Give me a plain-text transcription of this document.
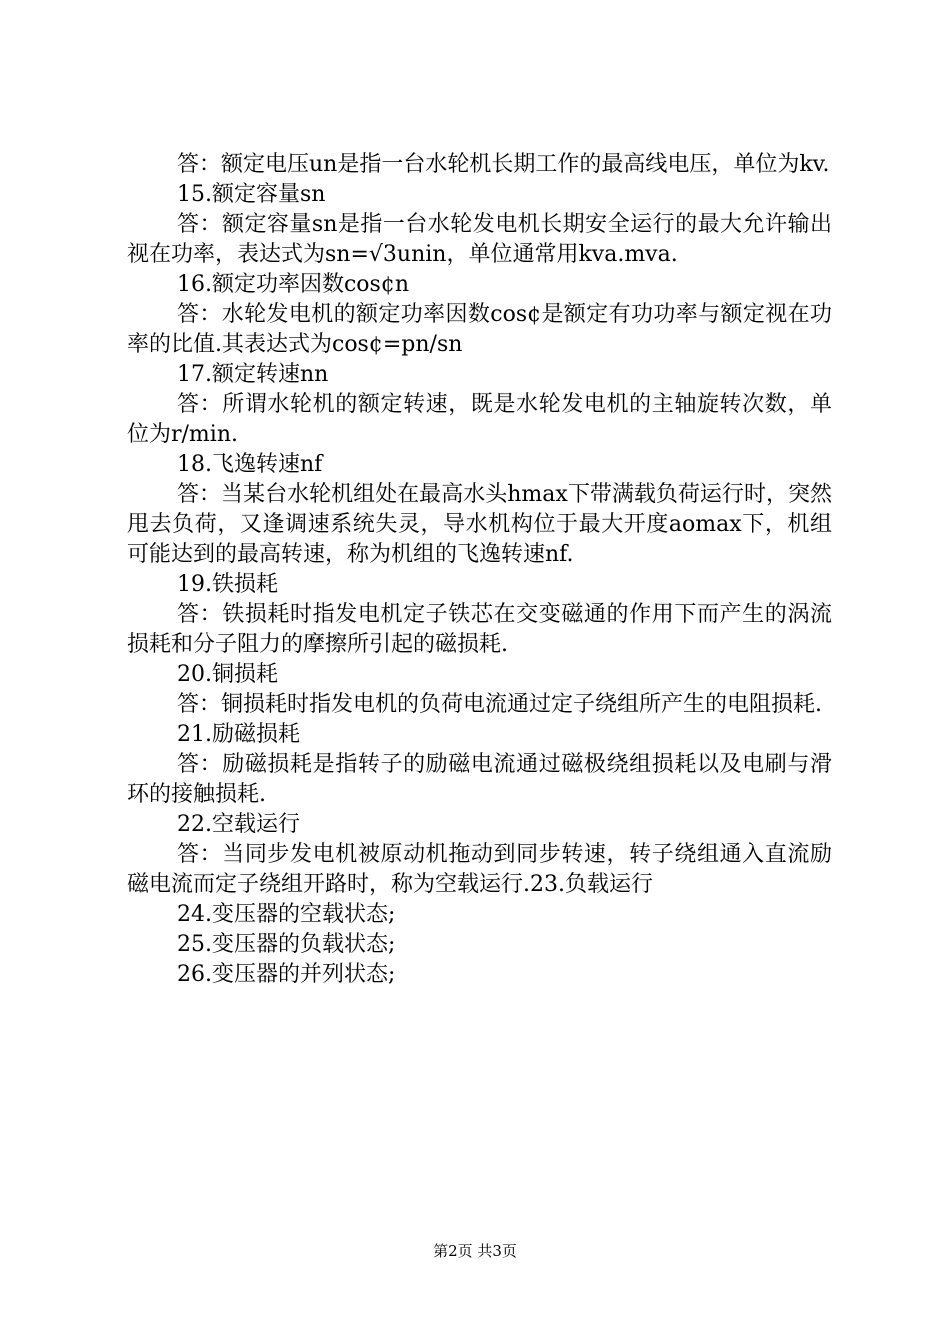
答：额定电压un是指一台水轮机长期工作的最高线电压，单位为kv.

15.额定容量sn

答：额定容量sn是指一台水轮发电机长期安全运行的最大允许输出视在功率，表达式为sn=√3unin，单位通常用kva.mva.

16.额定功率因数cos¢n

答：水轮发电机的额定功率因数cos¢是额定有功功率与额定视在功率的比值.其表达式为cos¢=pn/sn

17.额定转速nn

答：所谓水轮机的额定转速，既是水轮发电机的主轴旋转次数，单位为r/min.

18.飞逸转速nf

答：当某台水轮机组处在最高水头hmax下带满载负荷运行时，突然甩去负荷，又逢调速系统失灵，导水机构位于最大开度aomax下，机组可能达到的最高转速，称为机组的飞逸转速nf.

19.铁损耗

答：铁损耗时指发电机定子铁芯在交变磁通的作用下而产生的涡流损耗和分子阻力的摩擦所引起的磁损耗.

20.铜损耗

答：铜损耗时指发电机的负荷电流通过定子绕组所产生的电阻损耗.

21.励磁损耗

答：励磁损耗是指转子的励磁电流通过磁极绕组损耗以及电刷与滑环的接触损耗.

22.空载运行

答：当同步发电机被原动机拖动到同步转速，转子绕组通入直流励磁电流而定子绕组开路时，称为空载运行.23.负载运行

24.变压器的空载状态;

25.变压器的负载状态;

26.变压器的并列状态;

第2页 共3页
